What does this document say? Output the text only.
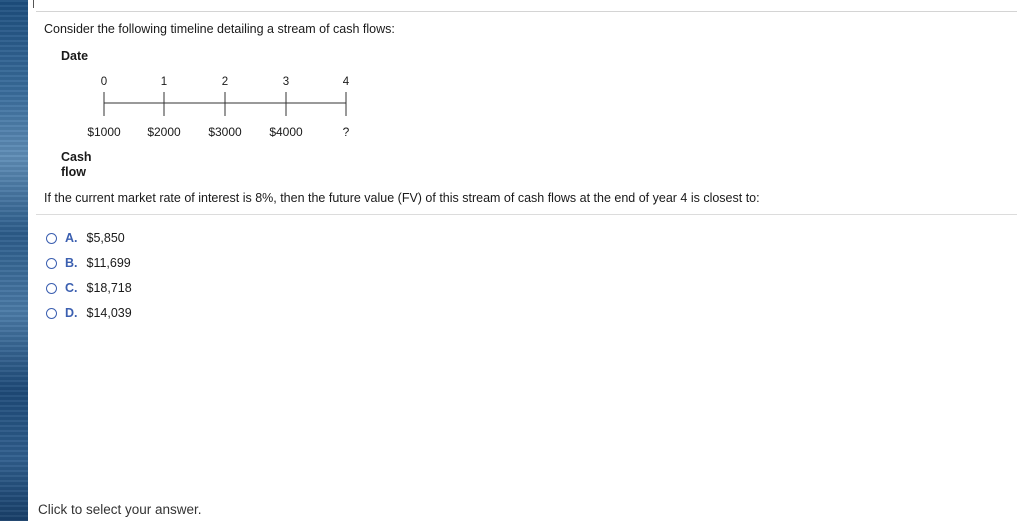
Consider the following timeline detailing a stream of cash flows:
Date
0	1	2	3	4
$1000 $2000 $3000 $4000	?
Cash
flow
If the current market rate of interest is 8%, then the future value (FV) of this stream of cash flows at the end of year 4 is closest to:
A. $5,850
B. $11,699
C. $18,718
D. $14,039
Click to select your answer.
